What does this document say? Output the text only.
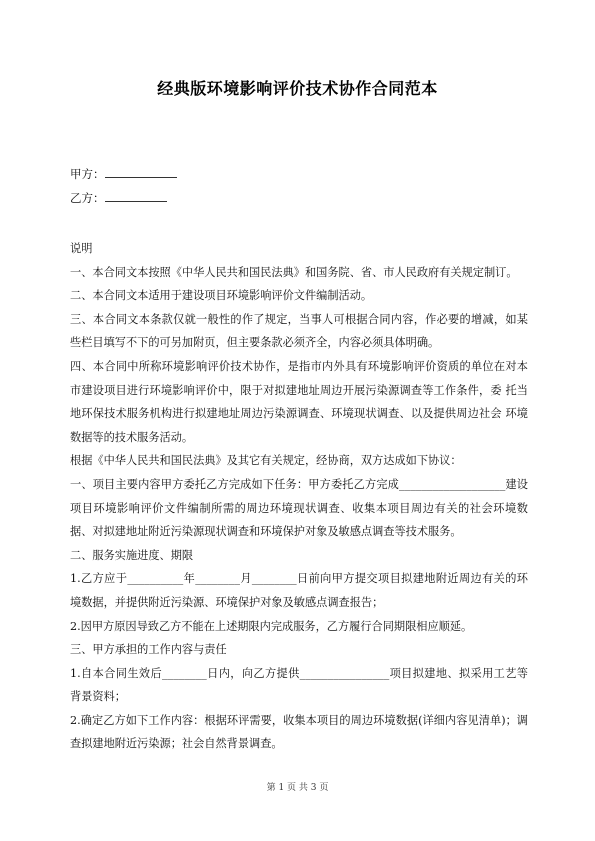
经典版环境影响评价技术协作合同范本
甲方：
乙方：

说明

一、本合同文本按照《中华人民共和国民法典》和国务院、省、市人民政府有关规定制订。

二、本合同文本适用于建设项目环境影响评价文件编制活动。

三、本合同文本条款仅就一般性的作了规定，当事人可根据合同内容，作必要的增减，如某些栏目填写不下的可另加附页，但主要条款必须齐全，内容必须具体明确。

四、本合同中所称环境影响评价技术协作，是指市内外具有环境影响评价资质的单位在对本市建设项目进行环境影响评价中，限于对拟建地址周边开展污染源调查等工作条件，委 托当地环保技术服务机构进行拟建地址周边污染源调查、环境现状调查、以及提供周边社会 环境数据等的技术服务活动。

根据《中华人民共和国民法典》及其它有关规定，经协商，双方达成如下协议：

一、项目主要内容甲方委托乙方完成如下任务：甲方委托乙方完成___________________建设项目环境影响评价文件编制所需的周边环境现状调查、收集本项目周边有关的社会环境数据、对拟建地址附近污染源现状调查和环境保护对象及敏感点调查等技术服务。

二、服务实施进度、期限

1.乙方应于__________年________月________日前向甲方提交项目拟建地附近周边有关的环境数据，并提供附近污染源、环境保护对象及敏感点调查报告；

2.因甲方原因导致乙方不能在上述期限内完成服务，乙方履行合同期限相应顺延。

三、甲方承担的工作内容与责任

1.自本合同生效后________日内，向乙方提供________________项目拟建地、拟采用工艺等背景资料；

2.确定乙方如下工作内容：根据环评需要，收集本项目的周边环境数据(详细内容见清单)；调查拟建地附近污染源；社会自然背景调查。

第 1 页 共 3 页
